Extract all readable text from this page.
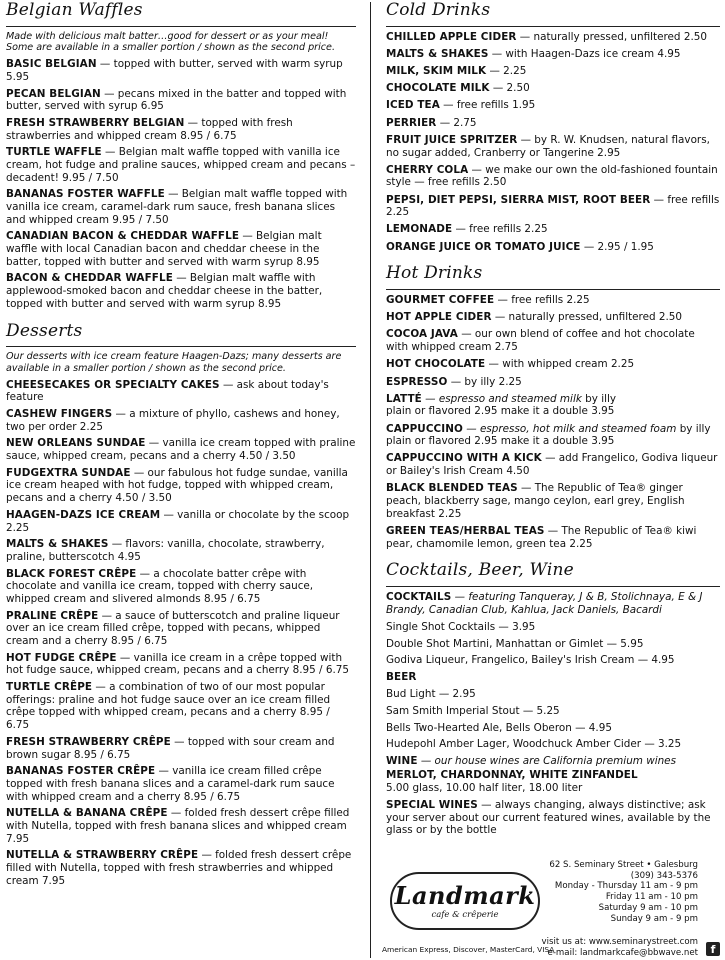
Belgian Waffles

Made with delicious malt batter…good for dessert or as your meal! Some are available in a smaller portion / shown as the second price.

BASIC BELGIAN — topped with butter, served with warm syrup 5.95
PECAN BELGIAN — pecans mixed in the batter and topped with butter, served with syrup 6.95
FRESH STRAWBERRY BELGIAN — topped with fresh strawberries and whipped cream 8.95 / 6.75
TURTLE WAFFLE — Belgian malt waffle topped with vanilla ice cream, hot fudge and praline sauces, whipped cream and pecans – decadent! 9.95 / 7.50
BANANAS FOSTER WAFFLE — Belgian malt waffle topped with vanilla ice cream, caramel-dark rum sauce, fresh banana slices and whipped cream 9.95 / 7.50
CANADIAN BACON & CHEDDAR WAFFLE — Belgian malt waffle with local Canadian bacon and cheddar cheese in the batter, topped with butter and served with warm syrup 8.95
BACON & CHEDDAR WAFFLE — Belgian malt waffle with applewood-smoked bacon and cheddar cheese in the batter, topped with butter and served with warm syrup 8.95
Desserts

Our desserts with ice cream feature Haagen-Dazs; many desserts are available in a smaller portion / shown as the second price.

CHEESECAKES OR SPECIALTY CAKES — ask about today's feature
CASHEW FINGERS — a mixture of phyllo, cashews and honey, two per order 2.25
NEW ORLEANS SUNDAE — vanilla ice cream topped with praline sauce, whipped cream, pecans and a cherry 4.50 / 3.50
FUDGEXTRA SUNDAE — our fabulous hot fudge sundae, vanilla ice cream heaped with hot fudge, topped with whipped cream, pecans and a cherry 4.50 / 3.50
HAAGEN-DAZS ICE CREAM — vanilla or chocolate by the scoop 2.25
MALTS & SHAKES — flavors: vanilla, chocolate, strawberry, praline, butterscotch 4.95
BLACK FOREST CRÊPE — a chocolate batter crêpe with chocolate and vanilla ice cream, topped with cherry sauce, whipped cream and slivered almonds 8.95 / 6.75
PRALINE CRÊPE — a sauce of butterscotch and praline liqueur over an ice cream filled crêpe, topped with pecans, whipped cream and a cherry 8.95 / 6.75
HOT FUDGE CRÊPE — vanilla ice cream in a crêpe topped with hot fudge sauce, whipped cream, pecans and a cherry 8.95 / 6.75
TURTLE CRÊPE — a combination of two of our most popular offerings: praline and hot fudge sauce over an ice cream filled crêpe topped with whipped cream, pecans and a cherry 8.95 / 6.75
FRESH STRAWBERRY CRÊPE — topped with sour cream and brown sugar 8.95 / 6.75
BANANAS FOSTER CRÊPE — vanilla ice cream filled crêpe topped with fresh banana slices and a caramel-dark rum sauce with whipped cream and a cherry 8.95 / 6.75
NUTELLA & BANANA CRÊPE — folded fresh dessert crêpe filled with Nutella, topped with fresh banana slices and whipped cream 7.95
NUTELLA & STRAWBERRY CRÊPE — folded fresh dessert crêpe filled with Nutella, topped with fresh strawberries and whipped cream 7.95
Cold Drinks
CHILLED APPLE CIDER — naturally pressed, unfiltered 2.50
MALTS & SHAKES — with Haagen-Dazs ice cream 4.95
MILK, SKIM MILK — 2.25
CHOCOLATE MILK — 2.50
ICED TEA — free refills 1.95
PERRIER — 2.75
FRUIT JUICE SPRITZER — by R. W. Knudsen, natural flavors, no sugar added, Cranberry or Tangerine 2.95
CHERRY COLA — we make our own the old-fashioned fountain style — free refills 2.50
PEPSI, DIET PEPSI, SIERRA MIST, ROOT BEER — free refills 2.25
LEMONADE — free refills 2.25
ORANGE JUICE OR TOMATO JUICE — 2.95 / 1.95
Hot Drinks
GOURMET COFFEE — free refills 2.25
HOT APPLE CIDER — naturally pressed, unfiltered 2.50
COCOA JAVA — our own blend of coffee and hot chocolate with whipped cream 2.75
HOT CHOCOLATE — with whipped cream 2.25
ESPRESSO — by illy 2.25
LATTÉ — espresso and steamed milk by illy
plain or flavored 2.95 make it a double 3.95
CAPPUCCINO — espresso, hot milk and steamed foam by illy
plain or flavored 2.95 make it a double 3.95
CAPPUCCINO WITH A KICK — add Frangelico, Godiva liqueur or Bailey's Irish Cream 4.50
BLACK BLENDED TEAS — The Republic of Tea® ginger peach, blackberry sage, mango ceylon, earl grey, English breakfast 2.25
GREEN TEAS/HERBAL TEAS — The Republic of Tea® kiwi pear, chamomile lemon, green tea 2.25
Cocktails, Beer, Wine
COCKTAILS — featuring Tanqueray, J & B, Stolichnaya, E & J Brandy, Canadian Club, Kahlua, Jack Daniels, Bacardi
Single Shot Cocktails — 3.95
Double Shot Martini, Manhattan or Gimlet — 5.95
Godiva Liqueur, Frangelico, Bailey's Irish Cream — 4.95
BEER
Bud Light — 2.95
Sam Smith Imperial Stout — 5.25
Bells Two-Hearted Ale, Bells Oberon — 4.95
Hudepohl Amber Lager, Woodchuck Amber Cider — 3.25
WINE — our house wines are California premium wines
MERLOT, CHARDONNAY, WHITE ZINFANDEL
5.00 glass, 10.00 half liter, 18.00 liter
SPECIAL WINES — always changing, always distinctive; ask your server about our current featured wines, available by the glass or by the bottle
Landmark
cafe & crêperie
62 S. Seminary Street • Galesburg
(309) 343-5376
Monday - Thursday 11 am - 9 pm
Friday 11 am - 10 pm
Saturday 9 am - 10 pm
Sunday 9 am - 9 pm
American Express, Discover, MasterCard, VISA
visit us at: www.seminarystreet.com
e-mail: landmarkcafe@bbwave.net	f
